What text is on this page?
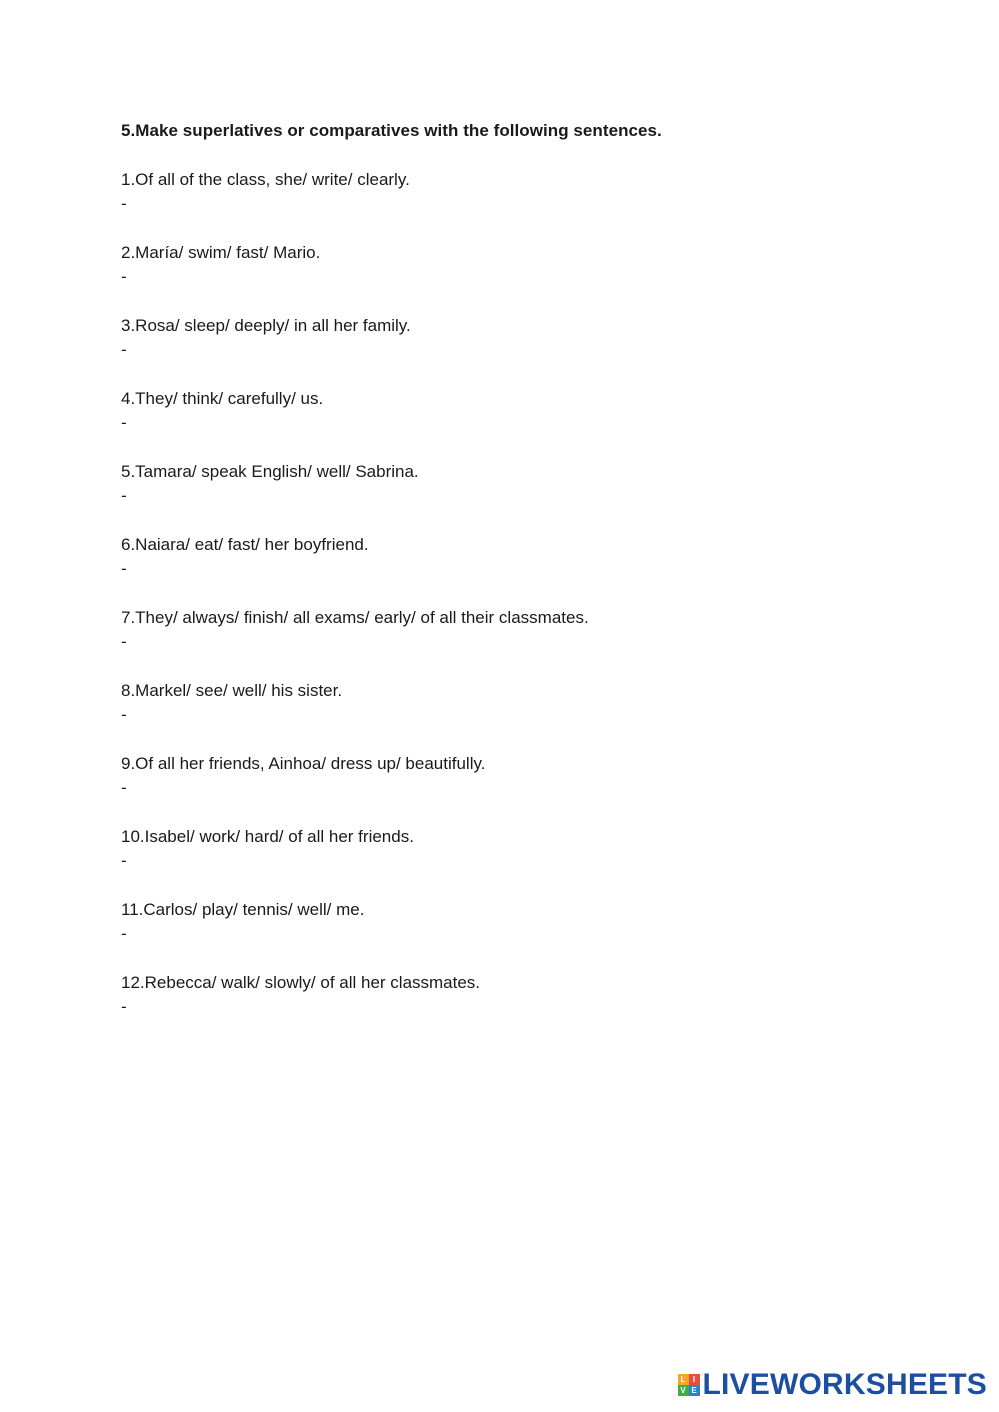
5.Make superlatives or comparatives with the following sentences.
1.Of all of the class, she/ write/ clearly.
-
2.María/ swim/ fast/ Mario.
-
3.Rosa/ sleep/ deeply/ in all her family.
-
4.They/ think/ carefully/ us.
-
5.Tamara/ speak English/ well/ Sabrina.
-
6.Naiara/ eat/ fast/ her boyfriend.
-
7.They/ always/ finish/ all exams/ early/ of all their classmates.
-
8.Markel/ see/ well/ his sister.
-
9.Of all her friends, Ainhoa/ dress up/ beautifully.
-
10.Isabel/ work/ hard/ of all her friends.
-
11.Carlos/ play/ tennis/ well/ me.
-
12.Rebecca/ walk/ slowly/ of all her classmates.
-
L I
V E LIVEWORKSHEETS
